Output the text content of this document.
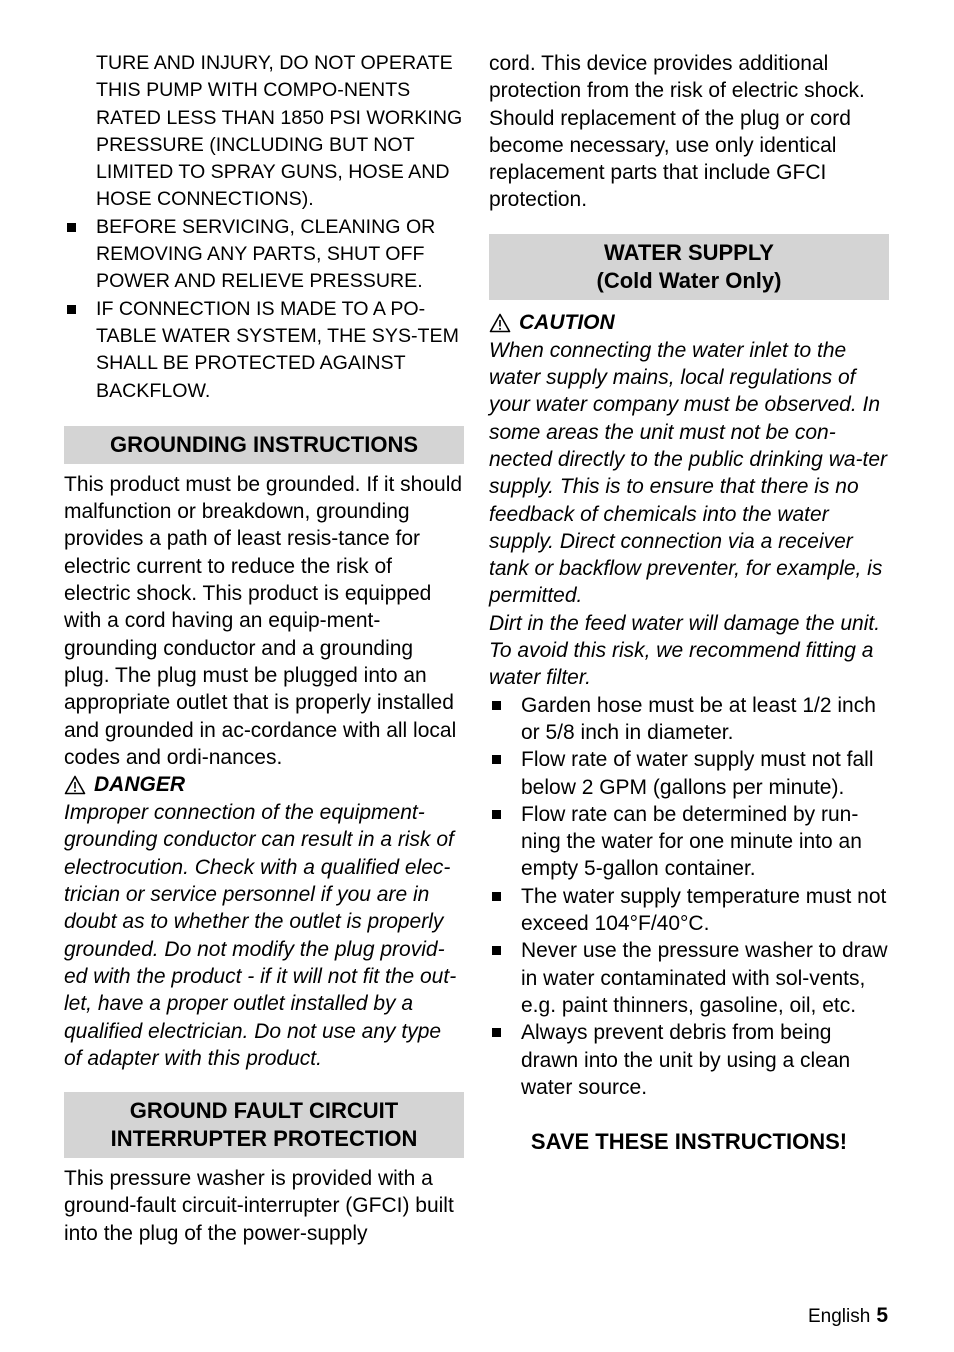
TURE AND INJURY, DO NOT OPERATE THIS PUMP WITH COMPO-NENTS RATED LESS THAN 1850 PSI WORKING PRESSURE (INCLUDING BUT NOT LIMITED TO SPRAY GUNS, HOSE AND HOSE CONNECTIONS).

BEFORE SERVICING, CLEANING OR REMOVING ANY PARTS, SHUT OFF POWER AND RELIEVE PRESSURE.
IF CONNECTION IS MADE TO A PO-TABLE WATER SYSTEM, THE SYS-TEM SHALL BE PROTECTED AGAINST BACKFLOW.
GROUNDING INSTRUCTIONS

This product must be grounded. If it should malfunction or breakdown, grounding provides a path of least resis-tance for electric current to reduce the risk of electric shock. This product is equipped with a cord having an equip-ment-grounding conductor and a grounding plug. The plug must be plugged into an appropriate outlet that is properly installed and grounded in ac-cordance with all local codes and ordi-nances.

DANGER

Improper connection of the equipment-grounding conductor can result in a risk of electrocution. Check with a qualified elec-trician or service personnel if you are in doubt as to whether the outlet is properly grounded. Do not modify the plug provid-ed with the product - if it will not fit the out-let, have a proper outlet installed by a qualified electrician. Do not use any type of adapter with this product.

GROUND FAULT CIRCUIT
INTERRUPTER PROTECTION

This pressure washer is provided with a ground-fault circuit-interrupter (GFCI) built into the plug of the power-supply

cord. This device provides additional protection from the risk of electric shock. Should replacement of the plug or cord become necessary, use only identical replacement parts that include GFCI protection.

WATER SUPPLY
(Cold Water Only)
CAUTION

When connecting the water inlet to the water supply mains, local regulations of your water company must be observed. In some areas the unit must not be con-nected directly to the public drinking wa-ter supply. This is to ensure that there is no feedback of chemicals into the water supply. Direct connection via a receiver tank or backflow preventer, for example, is permitted.

Dirt in the feed water will damage the unit. To avoid this risk, we recommend fitting a water filter.

Garden hose must be at least 1/2 inch or 5/8 inch in diameter.
Flow rate of water supply must not fall below 2 GPM (gallons per minute).
Flow rate can be determined by run-ning the water for one minute into an empty 5-gallon container.
The water supply temperature must not exceed 104°F/40°C.
Never use the pressure washer to draw in water contaminated with sol-vents, e.g. paint thinners, gasoline, oil, etc.
Always prevent debris from being drawn into the unit by using a clean water source.
SAVE THESE INSTRUCTIONS!
English 5
